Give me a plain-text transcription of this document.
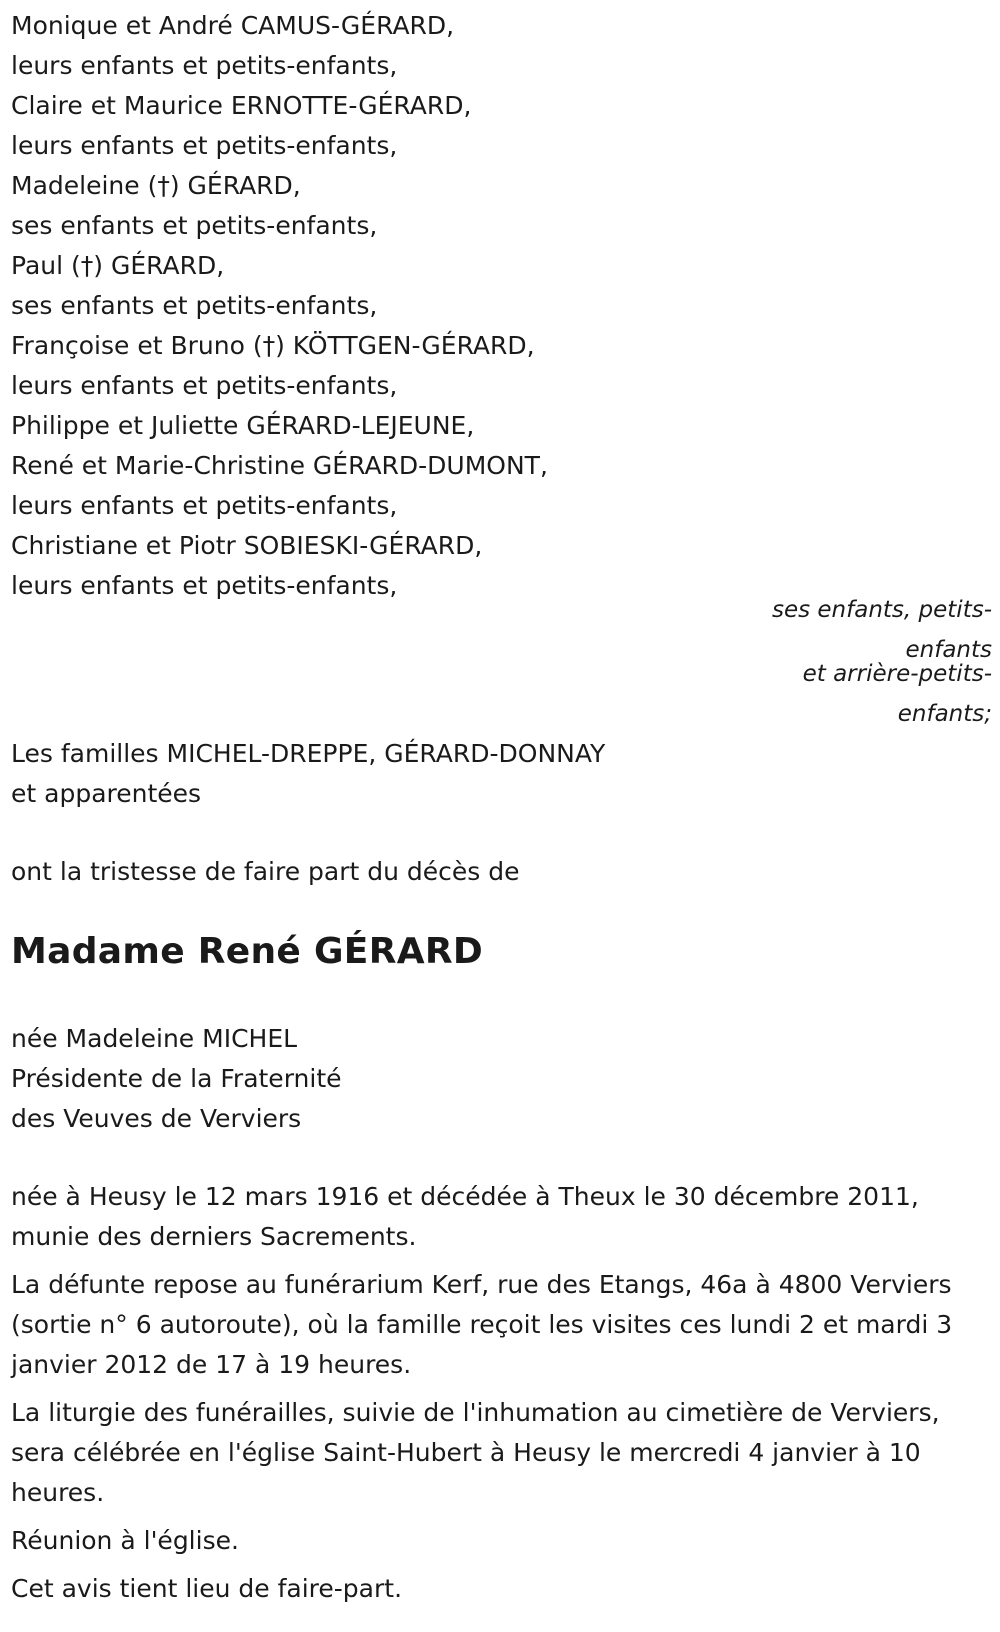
Monique et André CAMUS-GÉRARD,
leurs enfants et petits-enfants,
Claire et Maurice ERNOTTE-GÉRARD,
leurs enfants et petits-enfants,
Madeleine (†) GÉRARD,
ses enfants et petits-enfants,
Paul (†) GÉRARD,
ses enfants et petits-enfants,
Françoise et Bruno (†) KÖTTGEN-GÉRARD,
leurs enfants et petits-enfants,
Philippe et Juliette GÉRARD-LEJEUNE,
René et Marie-Christine GÉRARD-DUMONT,
leurs enfants et petits-enfants,
Christiane et Piotr SOBIESKI-GÉRARD,
leurs enfants et petits-enfants,
ses enfants, petits-enfants
et arrière-petits-enfants;
Les familles MICHEL-DREPPE, GÉRARD-DONNAY
et apparentées
ont la tristesse de faire part du décès de
Madame René GÉRARD
née Madeleine MICHEL
Présidente de la Fraternité
des Veuves de Verviers

née à Heusy le 12 mars 1916 et décédée à Theux le 30 décembre 2011, munie des derniers Sacrements.

La défunte repose au funérarium Kerf, rue des Etangs, 46a à 4800 Verviers (sortie n° 6 autoroute), où la famille reçoit les visites ces lundi 2 et mardi 3 janvier 2012 de 17 à 19 heures.

La liturgie des funérailles, suivie de l'inhumation au cimetière de Verviers, sera célébrée en l'église Saint-Hubert à Heusy le mercredi 4 janvier à 10 heures.

Réunion à l'église.

Cet avis tient lieu de faire-part.
